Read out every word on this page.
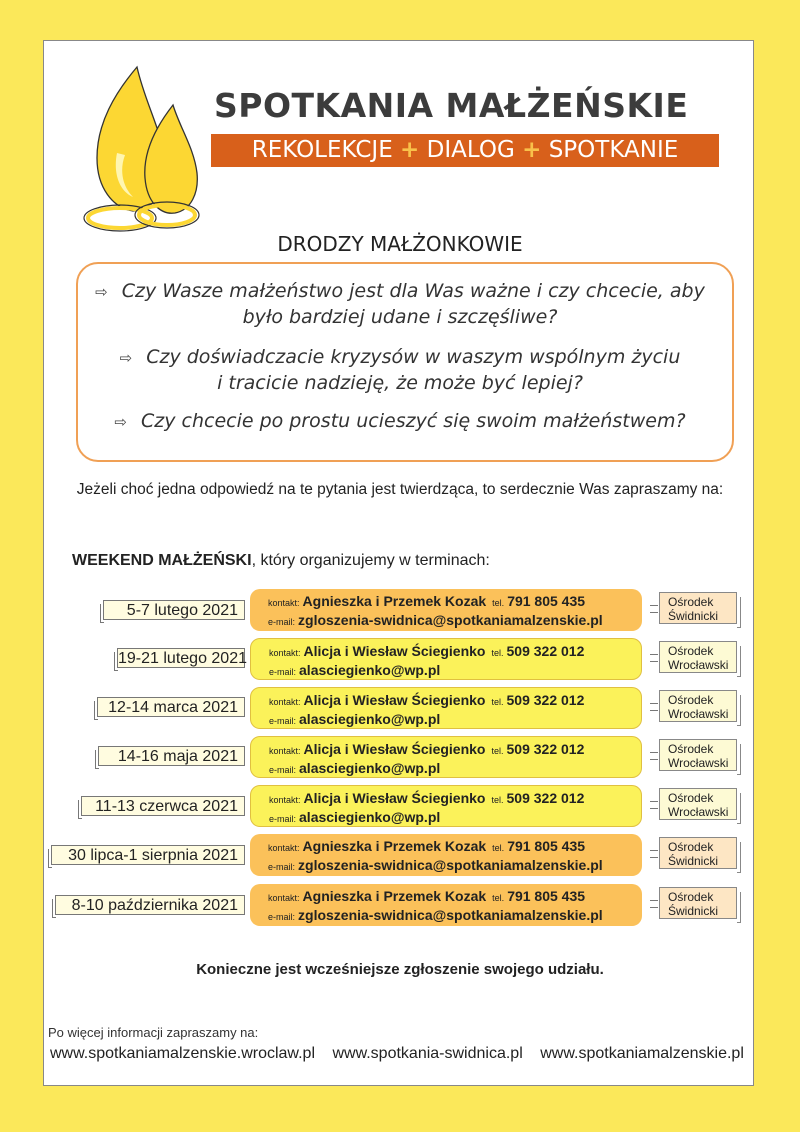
SPOTKANIA MAŁŻEŃSKIE
REKOLEKCJE + DIALOG + SPOTKANIE
DRODZY MAŁŻONKOWIE
⇨ Czy Wasze małżeństwo jest dla Was ważne i czy chcecie, aby
było bardziej udane i szczęśliwe?
⇨ Czy doświadczacie kryzysów w waszym wspólnym życiu
i tracicie nadzieję, że może być lepiej?
⇨ Czy chcecie po prostu ucieszyć się swoim małżeństwem?
Jeżeli choć jedna odpowiedź na te pytania jest twierdząca, to serdecznie Was zapraszamy na:
WEEKEND MAŁŻEŃSKI, który organizujemy w terminach:
5-7 lutego 2021	kontakt: Agnieszka i Przemek Kozak tel. 791 805 435
e-mail: zgloszenia-swidnica@spotkaniamalzenskie.pl
Ośrodek
Świdnicki
19-21 lutego 2021 kontakt: Alicja i Wiesław Ściegienko tel. 509 322 012
e-mail: alasciegienko@wp.pl
Ośrodek
Wrocławski
12-14 marca 2021	kontakt: Alicja i Wiesław Ściegienko tel. 509 322 012
e-mail: alasciegienko@wp.pl
Ośrodek
Wrocławski
14-16 maja 2021	kontakt: Alicja i Wiesław Ściegienko tel. 509 322 012
e-mail: alasciegienko@wp.pl
Ośrodek
Wrocławski
11-13 czerwca 2021	kontakt: Alicja i Wiesław Ściegienko tel. 509 322 012
e-mail: alasciegienko@wp.pl
Ośrodek
Wrocławski
30 lipca-1 sierpnia 2021	kontakt: Agnieszka i Przemek Kozak tel. 791 805 435
e-mail: zgloszenia-swidnica@spotkaniamalzenskie.pl
Ośrodek
Świdnicki
8-10 października 2021	kontakt: Agnieszka i Przemek Kozak tel. 791 805 435
e-mail: zgloszenia-swidnica@spotkaniamalzenskie.pl
Ośrodek
Świdnicki
Konieczne jest wcześniejsze zgłoszenie swojego udziału.
Po więcej informacji zapraszamy na:
www.spotkaniamalzenskie.wroclaw.pl www.spotkania-swidnica.pl www.spotkaniamalzenskie.pl
